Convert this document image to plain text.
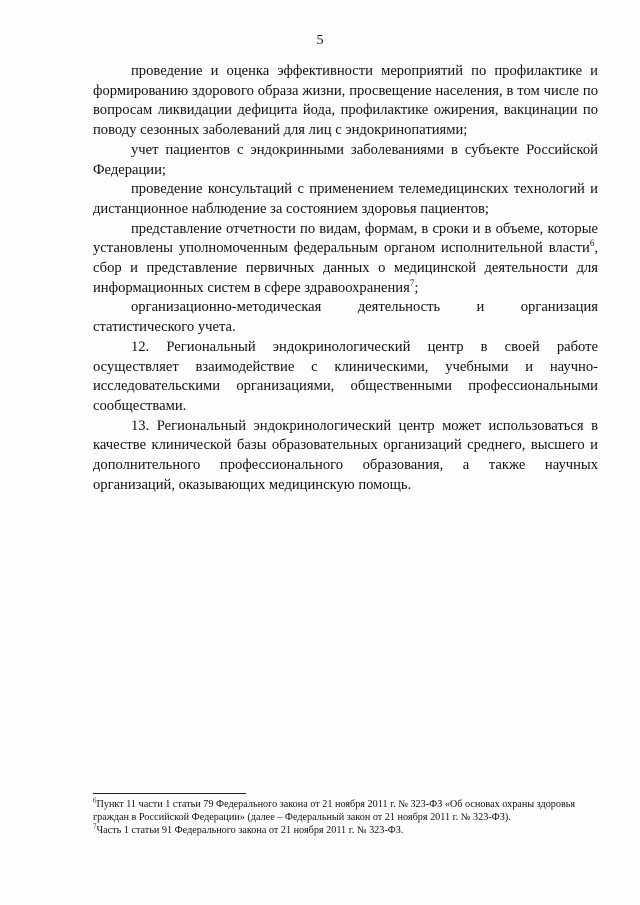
5

проведение и оценка эффективности мероприятий по профилактике и формированию здорового образа жизни, просвещение населения, в том числе по вопросам ликвидации дефицита йода, профилактике ожирения, вакцинации по поводу сезонных заболеваний для лиц с эндокринопатиями;

учет пациентов с эндокринными заболеваниями в субъекте Российской Федерации;

проведение консультаций с применением телемедицинских технологий и дистанционное наблюдение за состоянием здоровья пациентов;

представление отчетности по видам, формам, в сроки и в объеме, которые установлены уполномоченным федеральным органом исполнительной власти$^6$, сбор и представление первичных данных о медицинской деятельности для информационных систем в сфере здравоохранения$^7$;

организационно-методическая деятельность и организация статистического учета.

12. Региональный эндокринологический центр в своей работе осуществляет взаимодействие с клиническими, учебными и научно-исследовательскими организациями, общественными профессиональными сообществами.

13. Региональный эндокринологический центр может использоваться в качестве клинической базы образовательных организаций среднего, высшего и дополнительного профессионального образования, а также научных организаций, оказывающих медицинскую помощь.

$^6$Пункт 11 части 1 статьи 79 Федерального закона от 21 ноября 2011 г. № 323-ФЗ «Об основах охраны здоровья граждан в Российской Федерации» (далее – Федеральный закон от 21 ноября 2011 г. № 323-ФЗ).

$^7$Часть 1 статьи 91 Федерального закона от 21 ноября 2011 г. № 323-ФЗ.
